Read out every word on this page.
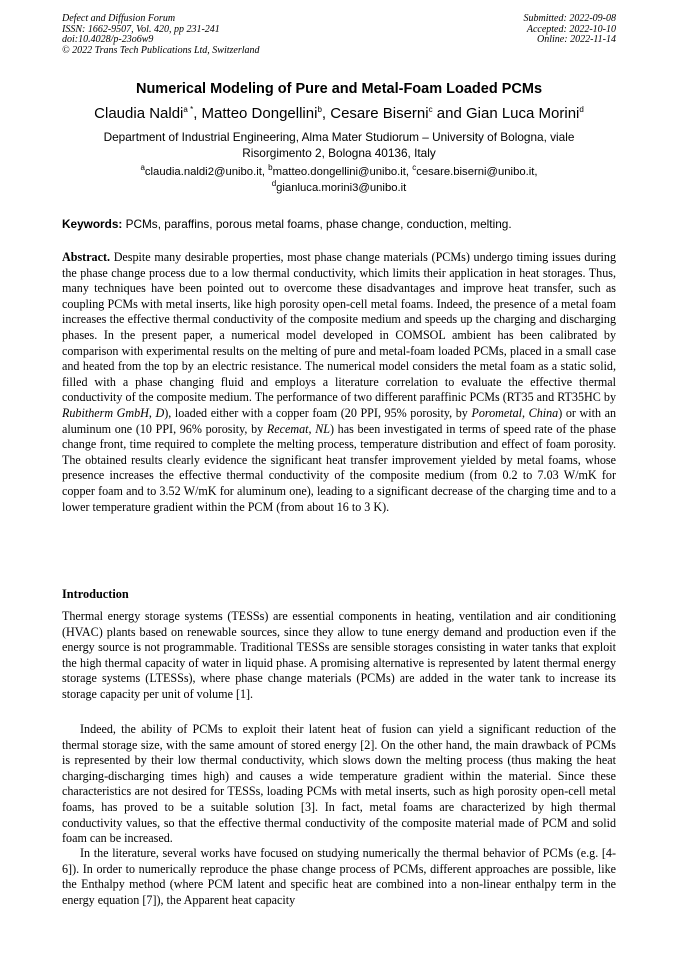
Defect and Diffusion Forum
ISSN: 1662-9507, Vol. 420, pp 231-241
doi:10.4028/p-23o6w9
© 2022 Trans Tech Publications Ltd, Switzerland
Submitted: 2022-09-08
Accepted: 2022-10-10
Online: 2022-11-14
Numerical Modeling of Pure and Metal-Foam Loaded PCMs
Claudia Naldi$^{a *}$, Matteo Dongellini$^b$, Cesare Biserni$^c$ and Gian Luca Morini$^d$
Department of Industrial Engineering, Alma Mater Studiorum – University of Bologna, viale
Risorgimento 2, Bologna 40136, Italy
$^a$claudia.naldi2@unibo.it, $^b$matteo.dongellini@unibo.it, $^c$cesare.biserni@unibo.it,
$^d$gianluca.morini3@unibo.it
Keywords: PCMs, paraffins, porous metal foams, phase change, conduction, melting.
Abstract. Despite many desirable properties, most phase change materials (PCMs) undergo timing issues during the phase change process due to a low thermal conductivity, which limits their application in heat storages. Thus, many techniques have been pointed out to overcome these disadvantages and improve heat transfer, such as coupling PCMs with metal inserts, like high porosity open-cell metal foams. Indeed, the presence of a metal foam increases the effective thermal conductivity of the composite medium and speeds up the charging and discharging phases. In the present paper, a numerical model developed in COMSOL ambient has been calibrated by comparison with experimental results on the melting of pure and metal-foam loaded PCMs, placed in a small case and heated from the top by an electric resistance. The numerical model considers the metal foam as a static solid, filled with a phase changing fluid and employs a literature correlation to evaluate the effective thermal conductivity of the composite medium. The performance of two different paraffinic PCMs (RT35 and RT35HC by Rubitherm GmbH, D), loaded either with a copper foam (20 PPI, 95% porosity, by Porometal, China) or with an aluminum one (10 PPI, 96% porosity, by Recemat, NL) has been investigated in terms of speed rate of the phase change front, time required to complete the melting process, temperature distribution and effect of foam porosity. The obtained results clearly evidence the significant heat transfer improvement yielded by metal foams, whose presence increases the effective thermal conductivity of the composite medium (from 0.2 to 7.03 W/mK for copper foam and to 3.52 W/mK for aluminum one), leading to a significant decrease of the charging time and to a lower temperature gradient within the PCM (from about 16 to 3 K).
Introduction
Thermal energy storage systems (TESSs) are essential components in heating, ventilation and air conditioning (HVAC) plants based on renewable sources, since they allow to tune energy demand and production even if the energy source is not programmable. Traditional TESSs are sensible storages consisting in water tanks that exploit the high thermal capacity of water in liquid phase. A promising alternative is represented by latent thermal energy storage systems (LTESSs), where phase change materials (PCMs) are added in the water tank to increase its storage capacity per unit of volume [1].
Indeed, the ability of PCMs to exploit their latent heat of fusion can yield a significant reduction of the thermal storage size, with the same amount of stored energy [2]. On the other hand, the main drawback of PCMs is represented by their low thermal conductivity, which slows down the melting process (thus making the heat charging-discharging times high) and causes a wide temperature gradient within the material. Since these characteristics are not desired for TESSs, loading PCMs with metal inserts, such as high porosity open-cell metal foams, has proved to be a suitable solution [3]. In fact, metal foams are characterized by high thermal conductivity values, so that the effective thermal conductivity of the composite material made of PCM and solid foam can be increased.
In the literature, several works have focused on studying numerically the thermal behavior of PCMs (e.g. [4-6]). In order to numerically reproduce the phase change process of PCMs, different approaches are possible, like the Enthalpy method (where PCM latent and specific heat are combined into a non-linear enthalpy term in the energy equation [7]), the Apparent heat capacity
